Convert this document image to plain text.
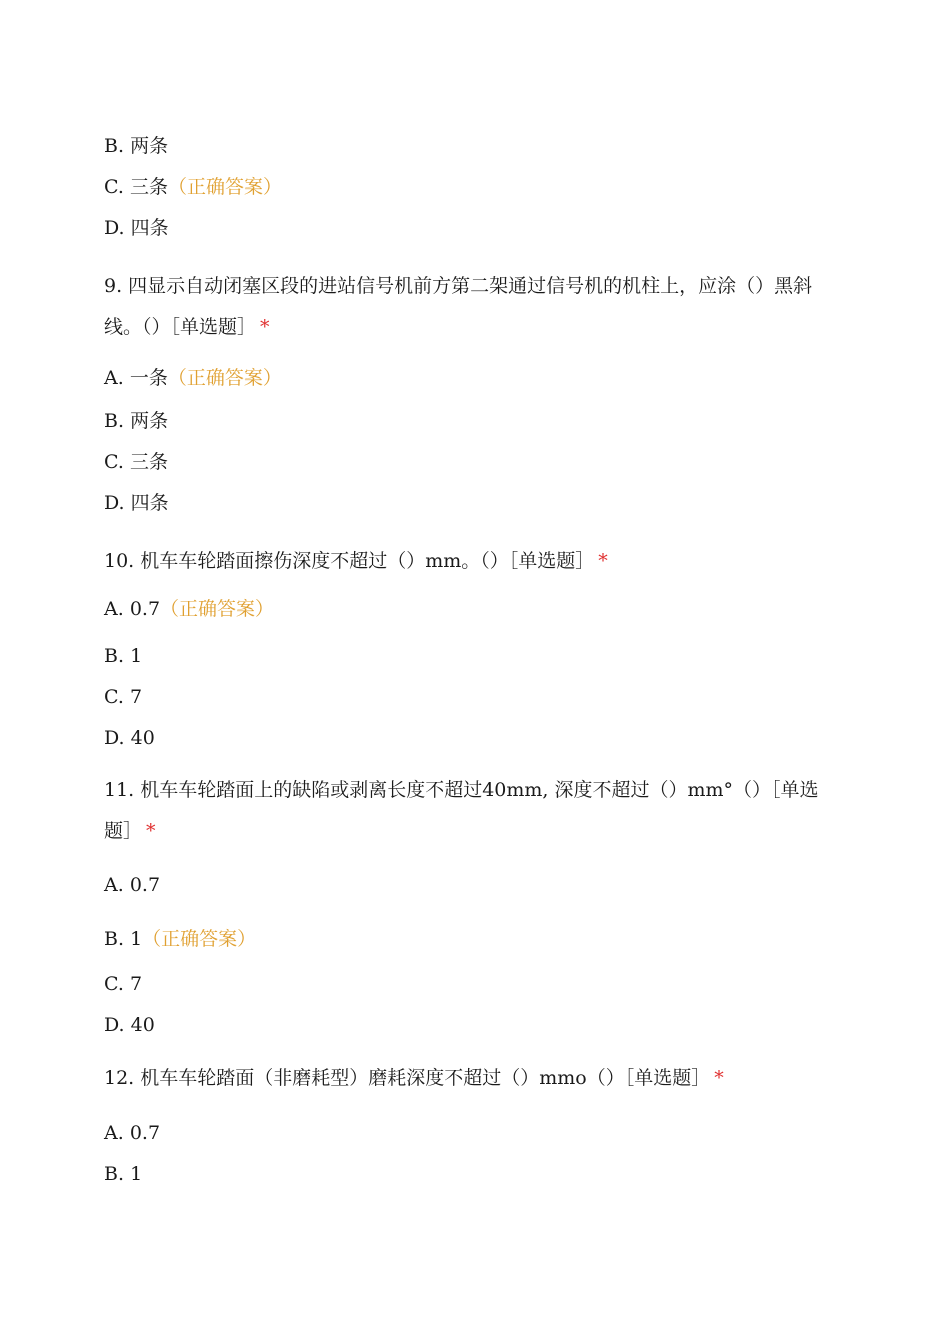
B. 两条
C. 三条（正确答案）
D. 四条
9. 四显示自动闭塞区段的进站信号机前方第二架通过信号机的机柱上，应涂（）黑斜线。（）［单选题］ *
A. 一条（正确答案）
B. 两条
C. 三条
D. 四条
10. 机车车轮踏面擦伤深度不超过（）mm。（）［单选题］ *
A. 0.7（正确答案）
B. 1
C. 7
D. 40
11. 机车车轮踏面上的缺陷或剥离长度不超过40mm, 深度不超过（）mm°（）［单选题］ *
A. 0.7
B. 1（正确答案）
C. 7
D. 40
12. 机车车轮踏面（非磨耗型）磨耗深度不超过（）mmo（）［单选题］ *
A. 0.7
B. 1
